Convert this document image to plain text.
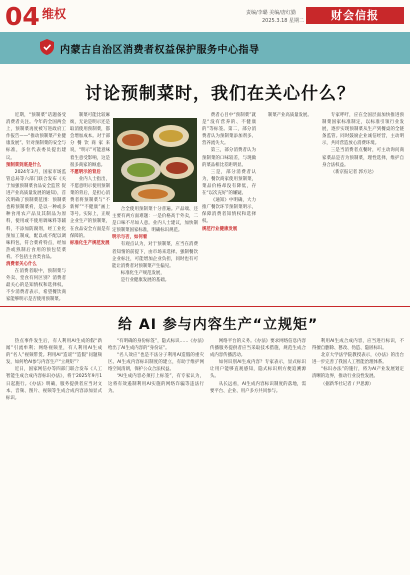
04 维权	责编/李璐 美编/唐红勤
2025.3.18 星期二	财会信报
内蒙古自治区消费者权益保护服务中心指导
讨论预制菜时，我们在关心什么？

近期，“预制菜”话题备受消费者关注。今年的全国两会上，预制菜再度被写进政府工作报告——“推动预制菜产业健康发展”。针对预制菜的安全与标准，多位代表委员提出建议。

预制菜到底是什么

2024年3月，国家市场监管总局等六部门联合发布《关于加强预制菜食品安全监管 促进产业高质量发展的通知》，首次明确了预制菜范围：预制菜也称预制菜肴，是以一种或多种食用农产品及其制品为原料，使用或不使用调味料等辅料，不添加防腐剂，经工业化预加工制成，配以或不配以调味料包，符合菜肴特点，经加热或熟制后食用的预包装菜肴。不包括主食类食品。

消费者关心什么

在消费者眼中，预制菜与外卖、堂食有何区别？消费者最关心的是知情权和选择权。不少消费者表示，希望餐饮商家能够明示是否使用预制菜。

制菜可能比较麻烦，无论是明示还是取消使用预制菜，都会增加成本。对于部分餐饮商家来说，“明示”可能意味着生意受影响，这是很多商家的顾虑。

不愿明示的背后

业内人士指出，不愿意明示使用预制菜的背后，是担心消费者将预制菜与“不新鲜”“不健康”画上等号。实际上，正规企业生产的预制菜，在食品安全方面是有保障的。

标准化生产规范发展

合全使用预制菜十分普遍。产品端、还主要有两方面难题：一是价格高于外卖，二是口味不尽如人意。业内人士建议，加快制定预制菜国家标准，明确标识规范。

明示与否，如何看

有观点认为，对于预制菜，应当在消费者知情的前提下，由市场来选择。强制餐饮企业标注，可能增加企业负担，同时也有可能让消费者对预制菜产生偏见。

标准化生产规范发展，

是行业健康发展的基础。

费者心目中“预制菜”就是“没有营养的、不健康的”等标签。第二，部分消费者认为预制菜添加剂多、营养流失大。

第三，部分消费者认为预制菜的口味较差，与现做的菜品相比差距明显。

三是，部分消费者认为，餐饮商家使用预制菜，菜品价格却没有降低，存在“以次充好”的嫌疑。

《通知》中明确，大力推广餐饮环节预制菜明示，保障消费者知情权和选择权。

规范行业健康发展

制菜产业高质量发展。	专家呼吁，应在全国层面加快推进预制菜国家标准制定，以标准引领行业发展，逐步实现预制菜从生产到餐桌的全链条监管。同时鼓励企业诚信经营，主动明示，共同营造放心消费环境。

三是当消费者点餐时，可主动询问商家菜品是否为预制菜，理性选择，维护自身合法权益。

（新京报记者 郭方达）

给 AI 参与内容生产“立规矩”

热点事件发生后，有人利用AI生成的假“新闻”引流牟利；网络视频里，有人利用AI生成的“名人”视频带货。利用AI“造谣”“造假”问题频发，如何给AI参与内容生产“立规矩”？

近日，国家网信办等四部门联合发布《人工智能生成合成内容标识办法》，将于2025年9月1日起施行。《办法》明确，服务提供者应当对文本、音频、图片、视频等生成合成内容添加显式标识。

“有明确的身份标签”，隐式标识……《办法》给出了AI生成内容的“身份证”。

“名人效应”也是不法分子利用AI造假的重灾区。AI生成内容标识制度的建立，有助于维护网络空间清朗，保护公众合法权益。

“AI生成内容必须打上标签”，有专家认为，这将有效遏制利用AI实施的网络诈骗等违法行为。

网络平台的义务。《办法》要求网络信息内容传播服务提供者应当采取技术措施，规范生成合成内容传播活动。

如何识别AI生成内容？专家表示，显式标识让用户能够直观感知，隐式标识则方便追溯源头。

从长远看，AI生成内容标识制度的落地，需要平台、企业、用户多方共同参与。

利用AI生成合成内容，应当进行标识，不得擅自删除、篡改、伪造、隐匿标识。

北京大学法学院教授表示，《办法》的出台进一步完善了我国人工智能治理体系。

“标识办法”的施行，将为AI产业发展划定清晰的边界，推动行业良性发展。

（据新华社记者 / 尹思源）
